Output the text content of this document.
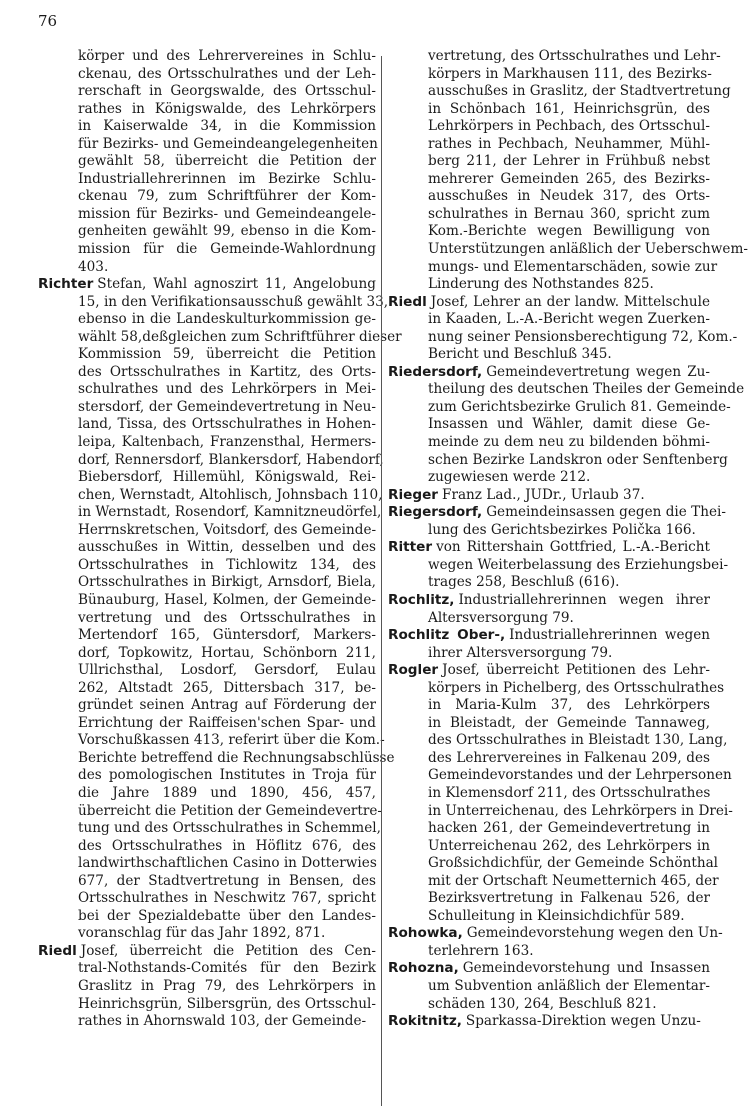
76
körper und des Lehrervereines in Schlu-
ckenau, des Ortsschulrathes und der Leh-
rerschaft in Georgswalde, des Ortsschul-
rathes in Königswalde, des Lehrkörpers
in Kaiserwalde 34, in die Kommission
für Bezirks- und Gemeindeangelegenheiten
gewählt 58, überreicht die Petition der
Industriallehrerinnen im Bezirke Schlu-
ckenau 79, zum Schriftführer der Kom-
mission für Bezirks- und Gemeindeangele-
genheiten gewählt 99, ebenso in die Kom-
mission für die Gemeinde-Wahlordnung
403.
Richter Stefan, Wahl agnoszirt 11, Angelobung
15, in den Verifikationsausschuß gewählt 33,
ebenso in die Landeskulturkommission ge-
wählt 58,deßgleichen zum Schriftführer dieser
Kommission 59, überreicht die Petition
des Ortsschulrathes in Kartitz, des Orts-
schulrathes und des Lehrkörpers in Mei-
stersdorf, der Gemeindevertretung in Neu-
land, Tissa, des Ortsschulrathes in Hohen-
leipa, Kaltenbach, Franzensthal, Hermers-
dorf, Rennersdorf, Blankersdorf, Habendorf,
Biebersdorf, Hillemühl, Königswald, Rei-
chen, Wernstadt, Altohlisch, Johnsbach 110,
in Wernstadt, Rosendorf, Kamnitzneudörfel,
Herrnskretschen, Voitsdorf, des Gemeinde-
ausschußes in Wittin, desselben und des
Ortsschulrathes in Tichlowitz 134, des
Ortsschulrathes in Birkigt, Arnsdorf, Biela,
Bünauburg, Hasel, Kolmen, der Gemeinde-
vertretung und des Ortsschulrathes in
Mertendorf 165, Güntersdorf, Markers-
dorf, Topkowitz, Hortau, Schönborn 211,
Ullrichsthal, Losdorf, Gersdorf, Eulau
262, Altstadt 265, Dittersbach 317, be-
gründet seinen Antrag auf Förderung der
Errichtung der Raiffeisen'schen Spar- und
Vorschußkassen 413, referirt über die Kom.-
Berichte betreffend die Rechnungsabschlüsse
des pomologischen Institutes in Troja für
die Jahre 1889 und 1890, 456, 457,
überreicht die Petition der Gemeindevertre-
tung und des Ortsschulrathes in Schemmel,
des Ortsschulrathes in Höflitz 676, des
landwirthschaftlichen Casino in Dotterwies
677, der Stadtvertretung in Bensen, des
Ortsschulrathes in Neschwitz 767, spricht
bei der Spezialdebatte über den Landes-
voranschlag für das Jahr 1892, 871.
Riedl Josef, überreicht die Petition des Cen-
tral-Nothstands-Comités für den Bezirk
Graslitz in Prag 79, des Lehrkörpers in
Heinrichsgrün, Silbersgrün, des Ortsschul-
rathes in Ahornswald 103, der Gemeinde-
vertretung, des Ortsschulrathes und Lehr-
körpers in Markhausen 111, des Bezirks-
ausschußes in Graslitz, der Stadtvertretung
in Schönbach 161, Heinrichsgrün, des
Lehrkörpers in Pechbach, des Ortsschul-
rathes in Pechbach, Neuhammer, Mühl-
berg 211, der Lehrer in Frühbuß nebst
mehrerer Gemeinden 265, des Bezirks-
ausschußes in Neudek 317, des Orts-
schulrathes in Bernau 360, spricht zum
Kom.-Berichte wegen Bewilligung von
Unterstützungen anläßlich der Ueberschwem-
mungs- und Elementarschäden, sowie zur
Linderung des Nothstandes 825.
Riedl Josef, Lehrer an der landw. Mittelschule
in Kaaden, L.-A.-Bericht wegen Zuerken-
nung seiner Pensionsberechtigung 72, Kom.-
Bericht und Beschluß 345.
Riedersdorf, Gemeindevertretung wegen Zu-
theilung des deutschen Theiles der Gemeinde
zum Gerichtsbezirke Grulich 81. Gemeinde-
Insassen und Wähler, damit diese Ge-
meinde zu dem neu zu bildenden böhmi-
schen Bezirke Landskron oder Senftenberg
zugewiesen werde 212.
Rieger Franz Lad., JUDr., Urlaub 37.
Riegersdorf, Gemeindeinsassen gegen die Thei-
lung des Gerichtsbezirkes Polička 166.
Ritter von Rittershain Gottfried, L.-A.-Bericht
wegen Weiterbelassung des Erziehungsbei-
trages 258, Beschluß (616).
Rochlitz, Industriallehrerinnen wegen ihrer
Altersversorgung 79.
Rochlitz Ober-, Industriallehrerinnen wegen
ihrer Altersversorgung 79.
Rogler Josef, überreicht Petitionen des Lehr-
körpers in Pichelberg, des Ortsschulrathes
in Maria-Kulm 37, des Lehrkörpers
in Bleistadt, der Gemeinde Tannaweg,
des Ortsschulrathes in Bleistadt 130, Lang,
des Lehrervereines in Falkenau 209, des
Gemeindevorstandes und der Lehrpersonen
in Klemensdorf 211, des Ortsschulrathes
in Unterreichenau, des Lehrkörpers in Drei-
hacken 261, der Gemeindevertretung in
Unterreichenau 262, des Lehrkörpers in
Großsichdichfür, der Gemeinde Schönthal
mit der Ortschaft Neumetternich 465, der
Bezirksvertretung in Falkenau 526, der
Schulleitung in Kleinsichdichfür 589.
Rohowka, Gemeindevorstehung wegen den Un-
terlehrern 163.
Rohozna, Gemeindevorstehung und Insassen
um Subvention anläßlich der Elementar-
schäden 130, 264, Beschluß 821.
Rokitnitz, Sparkassa-Direktion wegen Unzu-
